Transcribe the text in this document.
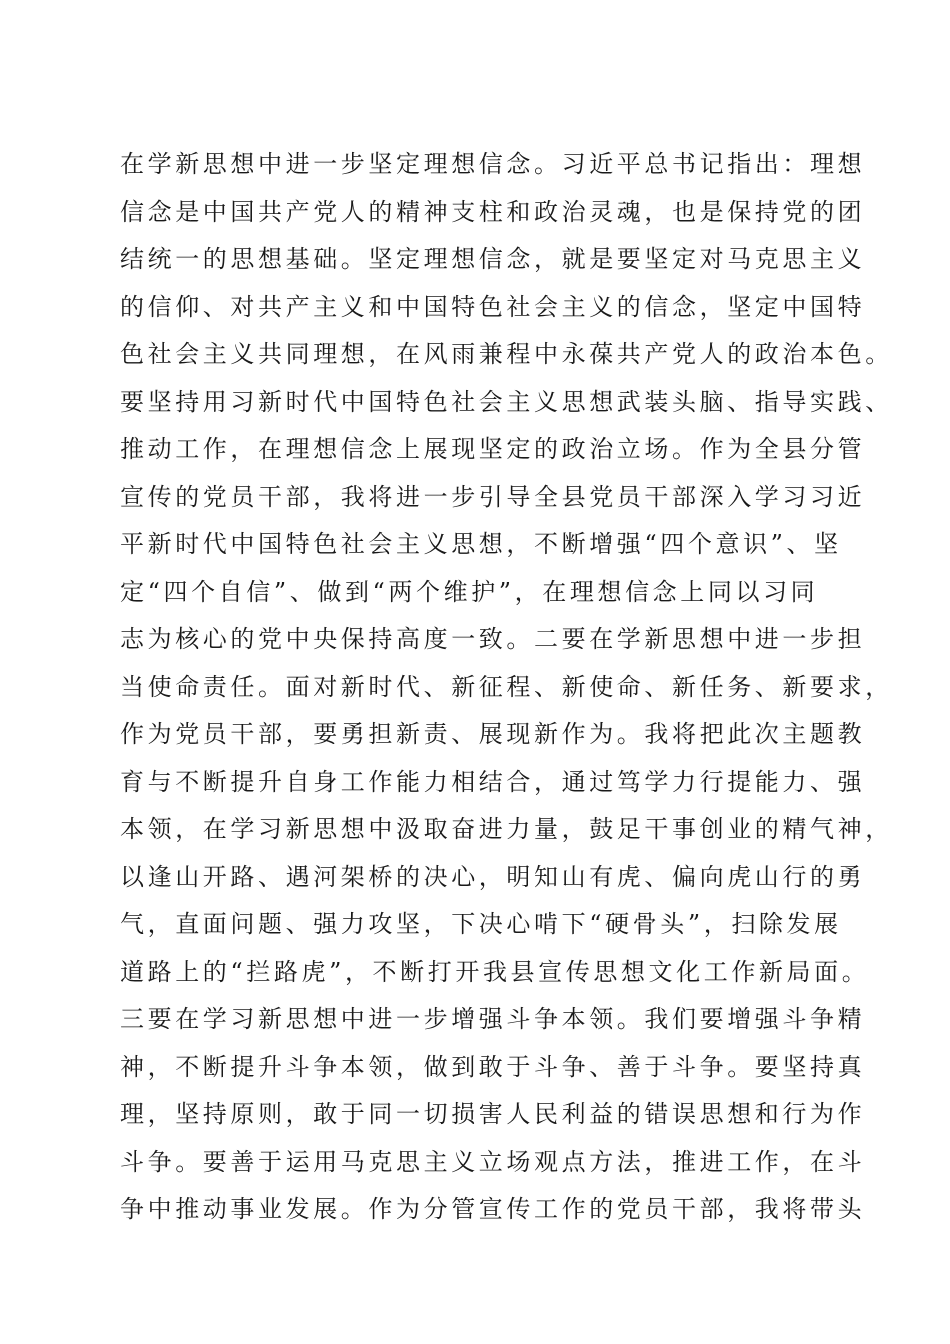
在学新思想中进一步坚定理想信念。习近平总书记指出：理想
信念是中国共产党人的精神支柱和政治灵魂，也是保持党的团
结统一的思想基础。坚定理想信念，就是要坚定对马克思主义
的信仰、对共产主义和中国特色社会主义的信念，坚定中国特
色社会主义共同理想，在风雨兼程中永葆共产党人的政治本色。
要坚持用习新时代中国特色社会主义思想武装头脑、指导实践、
推动工作，在理想信念上展现坚定的政治立场。作为全县分管
宣传的党员干部，我将进一步引导全县党员干部深入学习习近
平新时代中国特色社会主义思想，不断增强“四个意识”、坚
定“四个自信”、做到“两个维护”，在理想信念上同以习同
志为核心的党中央保持高度一致。二要在学新思想中进一步担
当使命责任。面对新时代、新征程、新使命、新任务、新要求，
作为党员干部，要勇担新责、展现新作为。我将把此次主题教
育与不断提升自身工作能力相结合，通过笃学力行提能力、强
本领，在学习新思想中汲取奋进力量，鼓足干事创业的精气神，
以逢山开路、遇河架桥的决心，明知山有虎、偏向虎山行的勇
气，直面问题、强力攻坚，下决心啃下“硬骨头”，扫除发展
道路上的“拦路虎”，不断打开我县宣传思想文化工作新局面。
三要在学习新思想中进一步增强斗争本领。我们要增强斗争精
神，不断提升斗争本领，做到敢于斗争、善于斗争。要坚持真
理，坚持原则，敢于同一切损害人民利益的错误思想和行为作
斗争。要善于运用马克思主义立场观点方法，推进工作，在斗
争中推动事业发展。作为分管宣传工作的党员干部，我将带头
